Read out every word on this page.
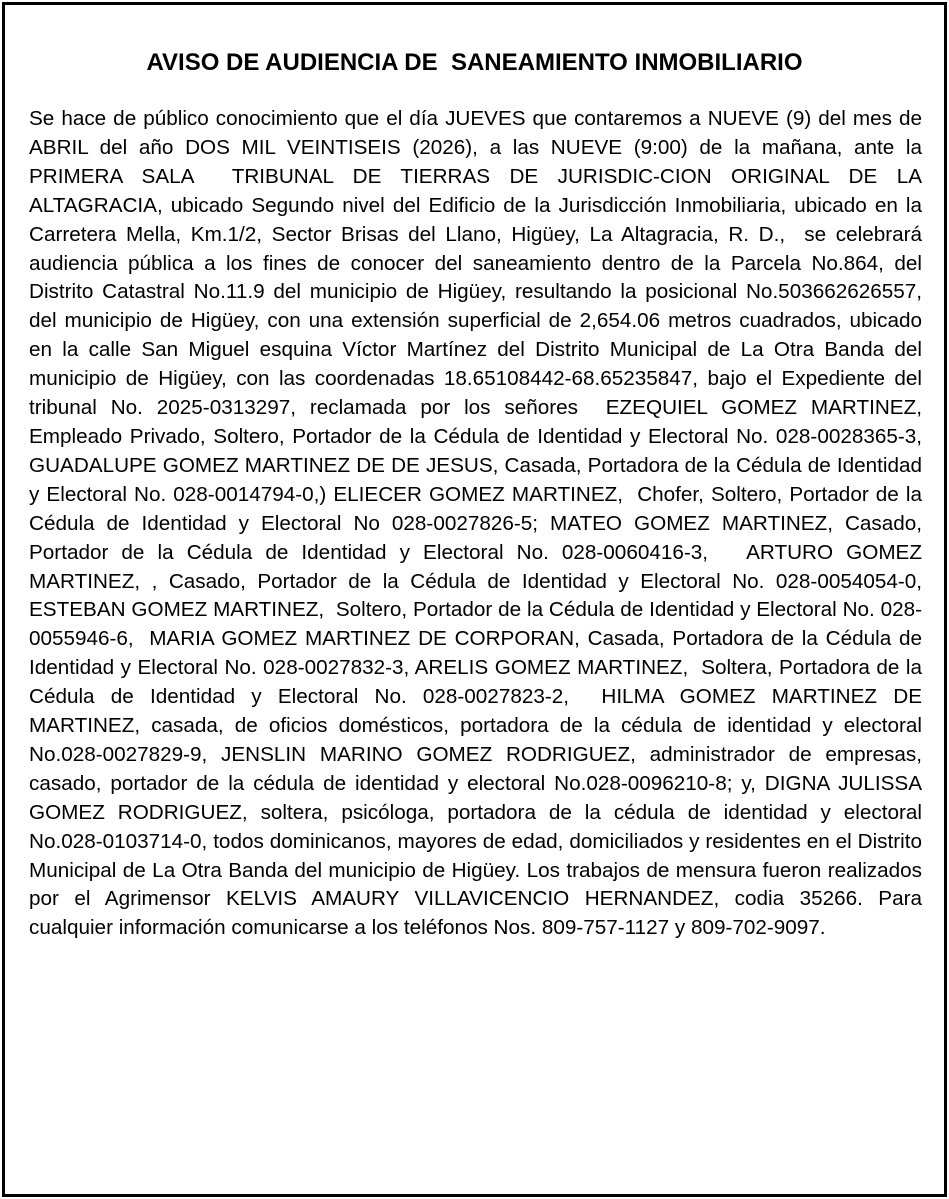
AVISO DE AUDIENCIA DE  SANEAMIENTO INMOBILIARIO

Se hace de público conocimiento que el día JUEVES que contaremos a NUEVE (9) del mes de ABRIL del año DOS MIL VEINTISEIS (2026), a las NUEVE (9:00) de la mañana, ante la PRIMERA SALA  TRIBUNAL DE TIERRAS DE JURISDIC-CION ORIGINAL DE LA ALTAGRACIA, ubicado Segundo nivel del Edificio de la Jurisdicción Inmobiliaria, ubicado en la Carretera Mella, Km.1/2, Sector Brisas del Llano, Higüey, La Altagracia, R. D.,  se celebrará audiencia pública a los fines de conocer del saneamiento dentro de la Parcela No.864, del Distrito Catastral No.11.9 del municipio de Higüey, resultando la posicional No.503662626557, del municipio de Higüey, con una extensión superficial de 2,654.06 metros cuadrados, ubicado en la calle San Miguel esquina Víctor Martínez del Distrito Municipal de La Otra Banda del municipio de Higüey, con las coordenadas 18.65108442-68.65235847, bajo el Expediente del tribunal No. 2025-0313297, reclamada por los señores  EZEQUIEL GOMEZ MARTINEZ,  Empleado Privado, Soltero, Portador de la Cédula de Identidad y Electoral No. 028-0028365-3, GUADALUPE GOMEZ MARTINEZ DE DE JESUS, Casada, Portadora de la Cédula de Identidad y Electoral No. 028-0014794-0,) ELIECER GOMEZ MARTINEZ,  Chofer, Soltero, Portador de la Cédula de Identidad y Electoral No 028-0027826-5; MATEO GOMEZ MARTINEZ, Casado, Portador de la Cédula de Identidad y Electoral No. 028-0060416-3,   ARTURO GOMEZ MARTINEZ, , Casado, Portador de la Cédula de Identidad y Electoral No. 028-0054054-0, ESTEBAN GOMEZ MARTINEZ,  Soltero, Portador de la Cédula de Identidad y Electoral No. 028-0055946-6,  MARIA GOMEZ MARTINEZ DE CORPORAN, Casada, Portadora de la Cédula de Identidad y Electoral No. 028-0027832-3, ARELIS GOMEZ MARTINEZ,  Soltera, Portadora de la Cédula de Identidad y Electoral No. 028-0027823-2,  HILMA GOMEZ MARTINEZ DE MARTINEZ, casada, de oficios domésticos, portadora de la cédula de identidad y electoral No.028-0027829-9, JENSLIN MARINO GOMEZ RODRIGUEZ, administrador de empresas, casado, portador de la cédula de identidad y electoral No.028-0096210-8; y, DIGNA JULISSA GOMEZ RODRIGUEZ, soltera, psicóloga, portadora de la cédula de identidad y electoral No.028-0103714-0, todos dominicanos, mayores de edad, domiciliados y residentes en el Distrito Municipal de La Otra Banda del municipio de Higüey. Los trabajos de mensura fueron realizados por el Agrimensor KELVIS AMAURY VILLAVICENCIO HERNANDEZ, codia 35266. Para cualquier información comunicarse a los teléfonos Nos. 809-757-1127 y 809-702-9097.
